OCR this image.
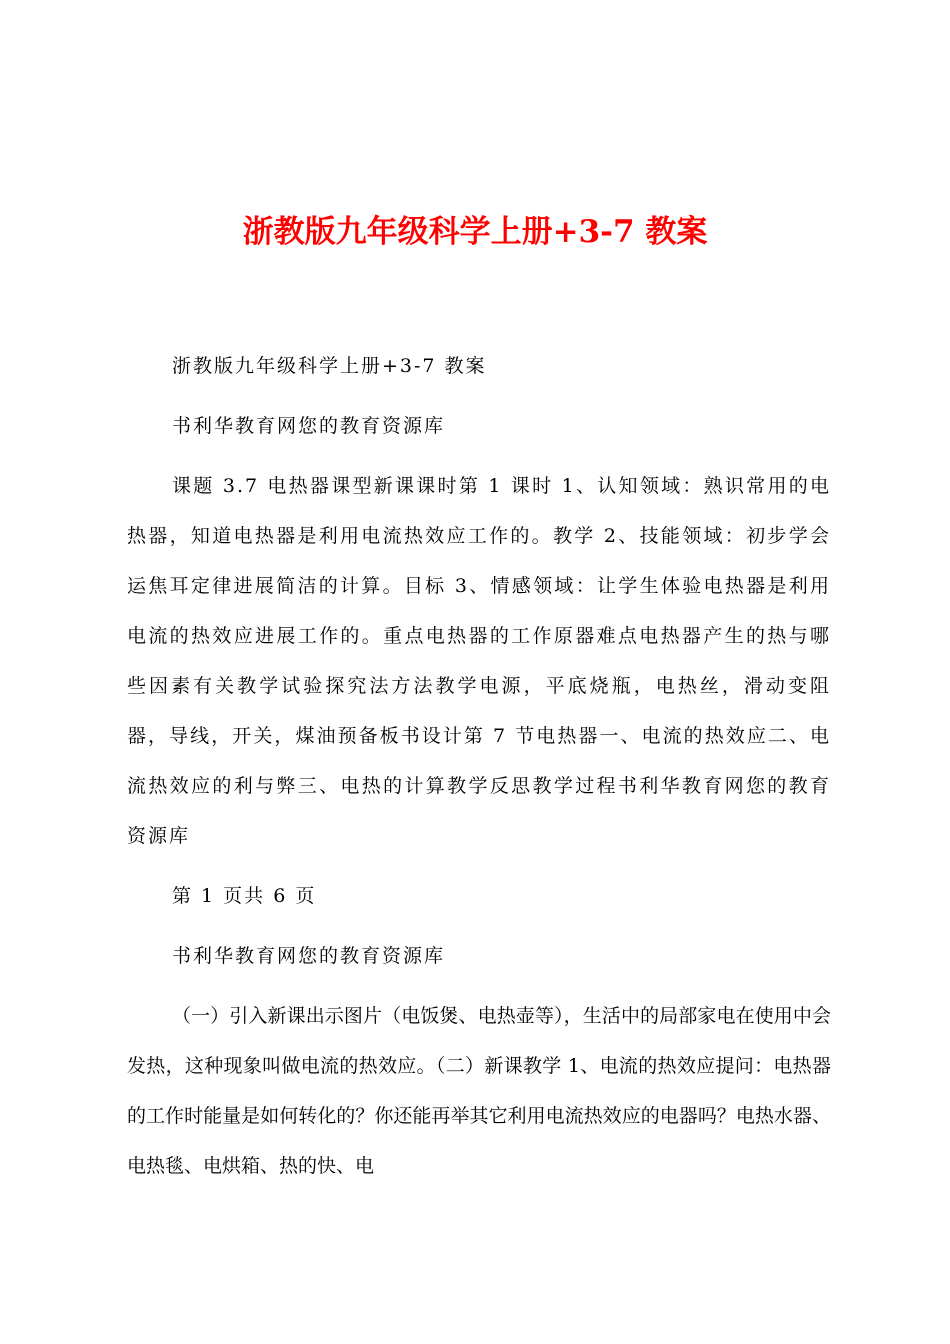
浙教版九年级科学上册+3-7 教案

浙教版九年级科学上册+3-7 教案

书利华教育网您的教育资源库

课题 3.7 电热器课型新课课时第 1 课时 1、认知领域：熟识常用的电热器，知道电热器是利用电流热效应工作的。教学 2、技能领域：初步学会运焦耳定律进展简洁的计算。目标 3、情感领域：让学生体验电热器是利用电流的热效应进展工作的。重点电热器的工作原器难点电热器产生的热与哪些因素有关教学试验探究法方法教学电源，平底烧瓶，电热丝，滑动变阻器，导线，开关，煤油预备板书设计第 7 节电热器一、电流的热效应二、电流热效应的利与弊三、电热的计算教学反思教学过程书利华教育网您的教育资源库

第 1 页共 6 页

书利华教育网您的教育资源库

（一）引入新课出示图片（电饭煲、电热壶等），生活中的局部家电在使用中会发热，这种现象叫做电流的热效应。（二）新课教学 1、电流的热效应提问：电热器的工作时能量是如何转化的？你还能再举其它利用电流热效应的电器吗？电热水器、电热毯、电烘箱、热的快、电
